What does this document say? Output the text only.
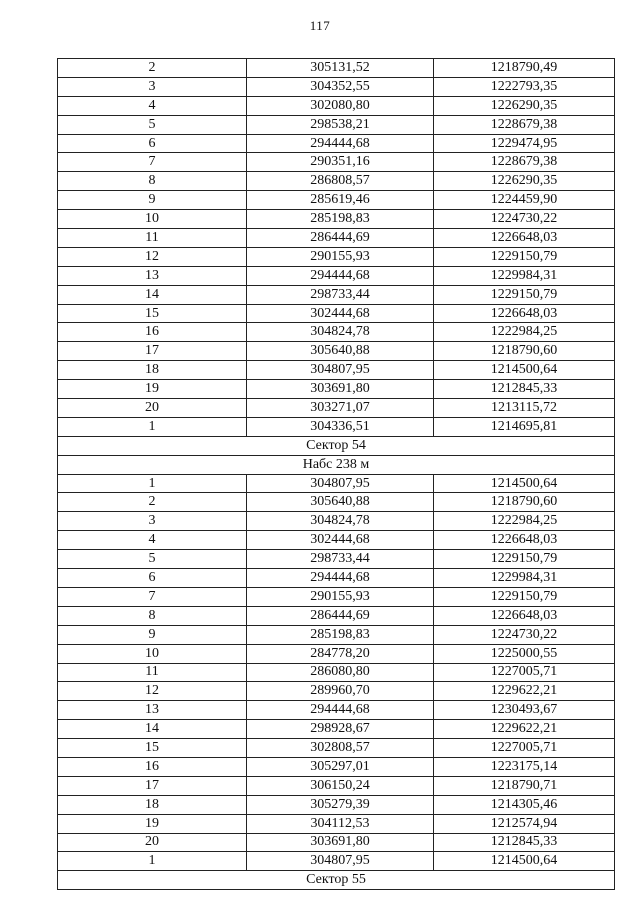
117
2	305131,52	1218790,49
3	304352,55	1222793,35
4	302080,80	1226290,35
5	298538,21	1228679,38
6	294444,68	1229474,95
7	290351,16	1228679,38
8	286808,57	1226290,35
9	285619,46	1224459,90
10	285198,83	1224730,22
11	286444,69	1226648,03
12	290155,93	1229150,79
13	294444,68	1229984,31
14	298733,44	1229150,79
15	302444,68	1226648,03
16	304824,78	1222984,25
17	305640,88	1218790,60
18	304807,95	1214500,64
19	303691,80	1212845,33
20	303271,07	1213115,72
1	304336,51	1214695,81
Сектор 54		
Набс 238 м		
1	304807,95	1214500,64
2	305640,88	1218790,60
3	304824,78	1222984,25
4	302444,68	1226648,03
5	298733,44	1229150,79
6	294444,68	1229984,31
7	290155,93	1229150,79
8	286444,69	1226648,03
9	285198,83	1224730,22
10	284778,20	1225000,55
11	286080,80	1227005,71
12	289960,70	1229622,21
13	294444,68	1230493,67
14	298928,67	1229622,21
15	302808,57	1227005,71
16	305297,01	1223175,14
17	306150,24	1218790,71
18	305279,39	1214305,46
19	304112,53	1212574,94
20	303691,80	1212845,33
1	304807,95	1214500,64
Сектор 55		
